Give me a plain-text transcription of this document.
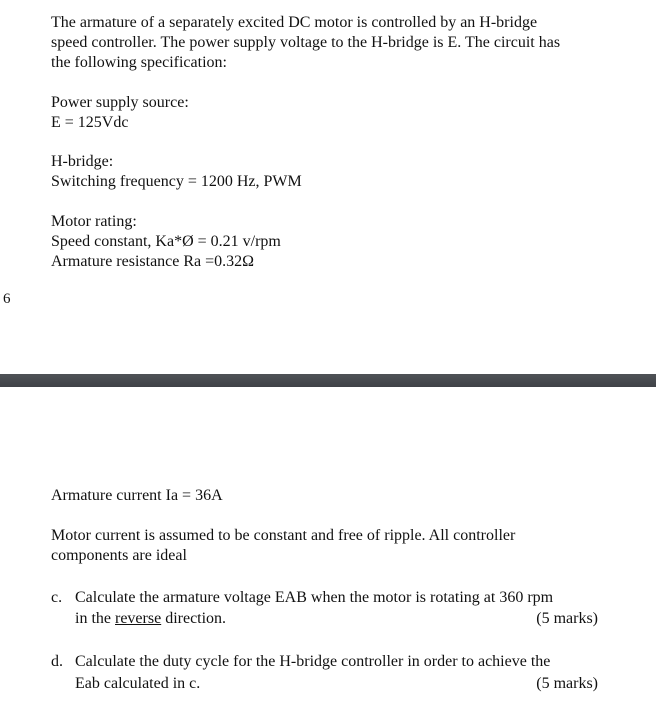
The armature of a separately excited DC motor is controlled by an H-bridge
speed controller. The power supply voltage to the H-bridge is E. The circuit has
the following specification:
Power supply source:
E = 125Vdc
H-bridge:
Switching frequency = 1200 Hz, PWM
Motor rating:
Speed constant, Ka*Ø = 0.21 v/rpm
Armature resistance Ra =0.32Ω
6
Armature current Ia = 36A
Motor current is assumed to be constant and free of ripple. All controller
components are ideal
c. Calculate the armature voltage EAB when the motor is rotating at 360 rpm
in the reverse direction.	(5 marks)
d. Calculate the duty cycle for the H-bridge controller in order to achieve the
Eab calculated in c.	(5 marks)
